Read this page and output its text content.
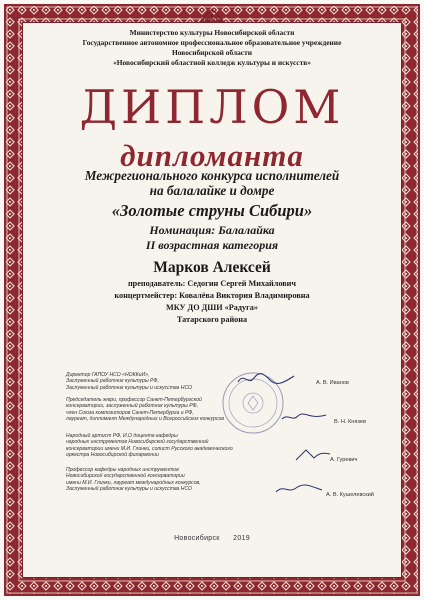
НОККиИ
Министерство культуры Новосибирской области
Государственное автономное профессиональное образовательное учреждение
Новосибирской области
«Новосибирский областной колледж культуры и искусств»
ДИПЛОМ
дипломанта
Межрегионального конкурса исполнителей
на балалайке и домре
«Золотые струны Сибири»
Номинация: Балалайка
II возрастная категория
Марков Алексей
преподаватель: Седогин Сергей Михайлович
концертмейстер: Ковалёва Виктория Владимировна
МКУ ДО ДШИ «Радуга»
Татарского района
Директор ГАПОУ НСО «НОККиИ»,
Заслуженный работник культуры РФ,
Заслуженный работник культуры и искусства НСО
А. В. Иванов
Председатель жюри, профессор Санкт-Петербургской
консерватории, заслуженный работник культуры РФ,
член Союза композиторов Санкт-Петербурга и РФ,
лауреат, дипломант Международных и Всероссийских конкурсов	В. Н. Князев
Народный артист РФ, И.О доцента кафедры
народных инструментов Новосибирской государственной
консерватории имени М.И. Глинки, солист Русского академического
оркестра Новосибирской филармонии
А. Гуревич
Профессор кафедры народных инструментов
Новосибирской государственной консерватории
имени М.И. Глинки, лауреат международных конкурсов,
Заслуженный работник культуры и искусства НСО
А. В. Кушелевский
Новосибирск 2019
